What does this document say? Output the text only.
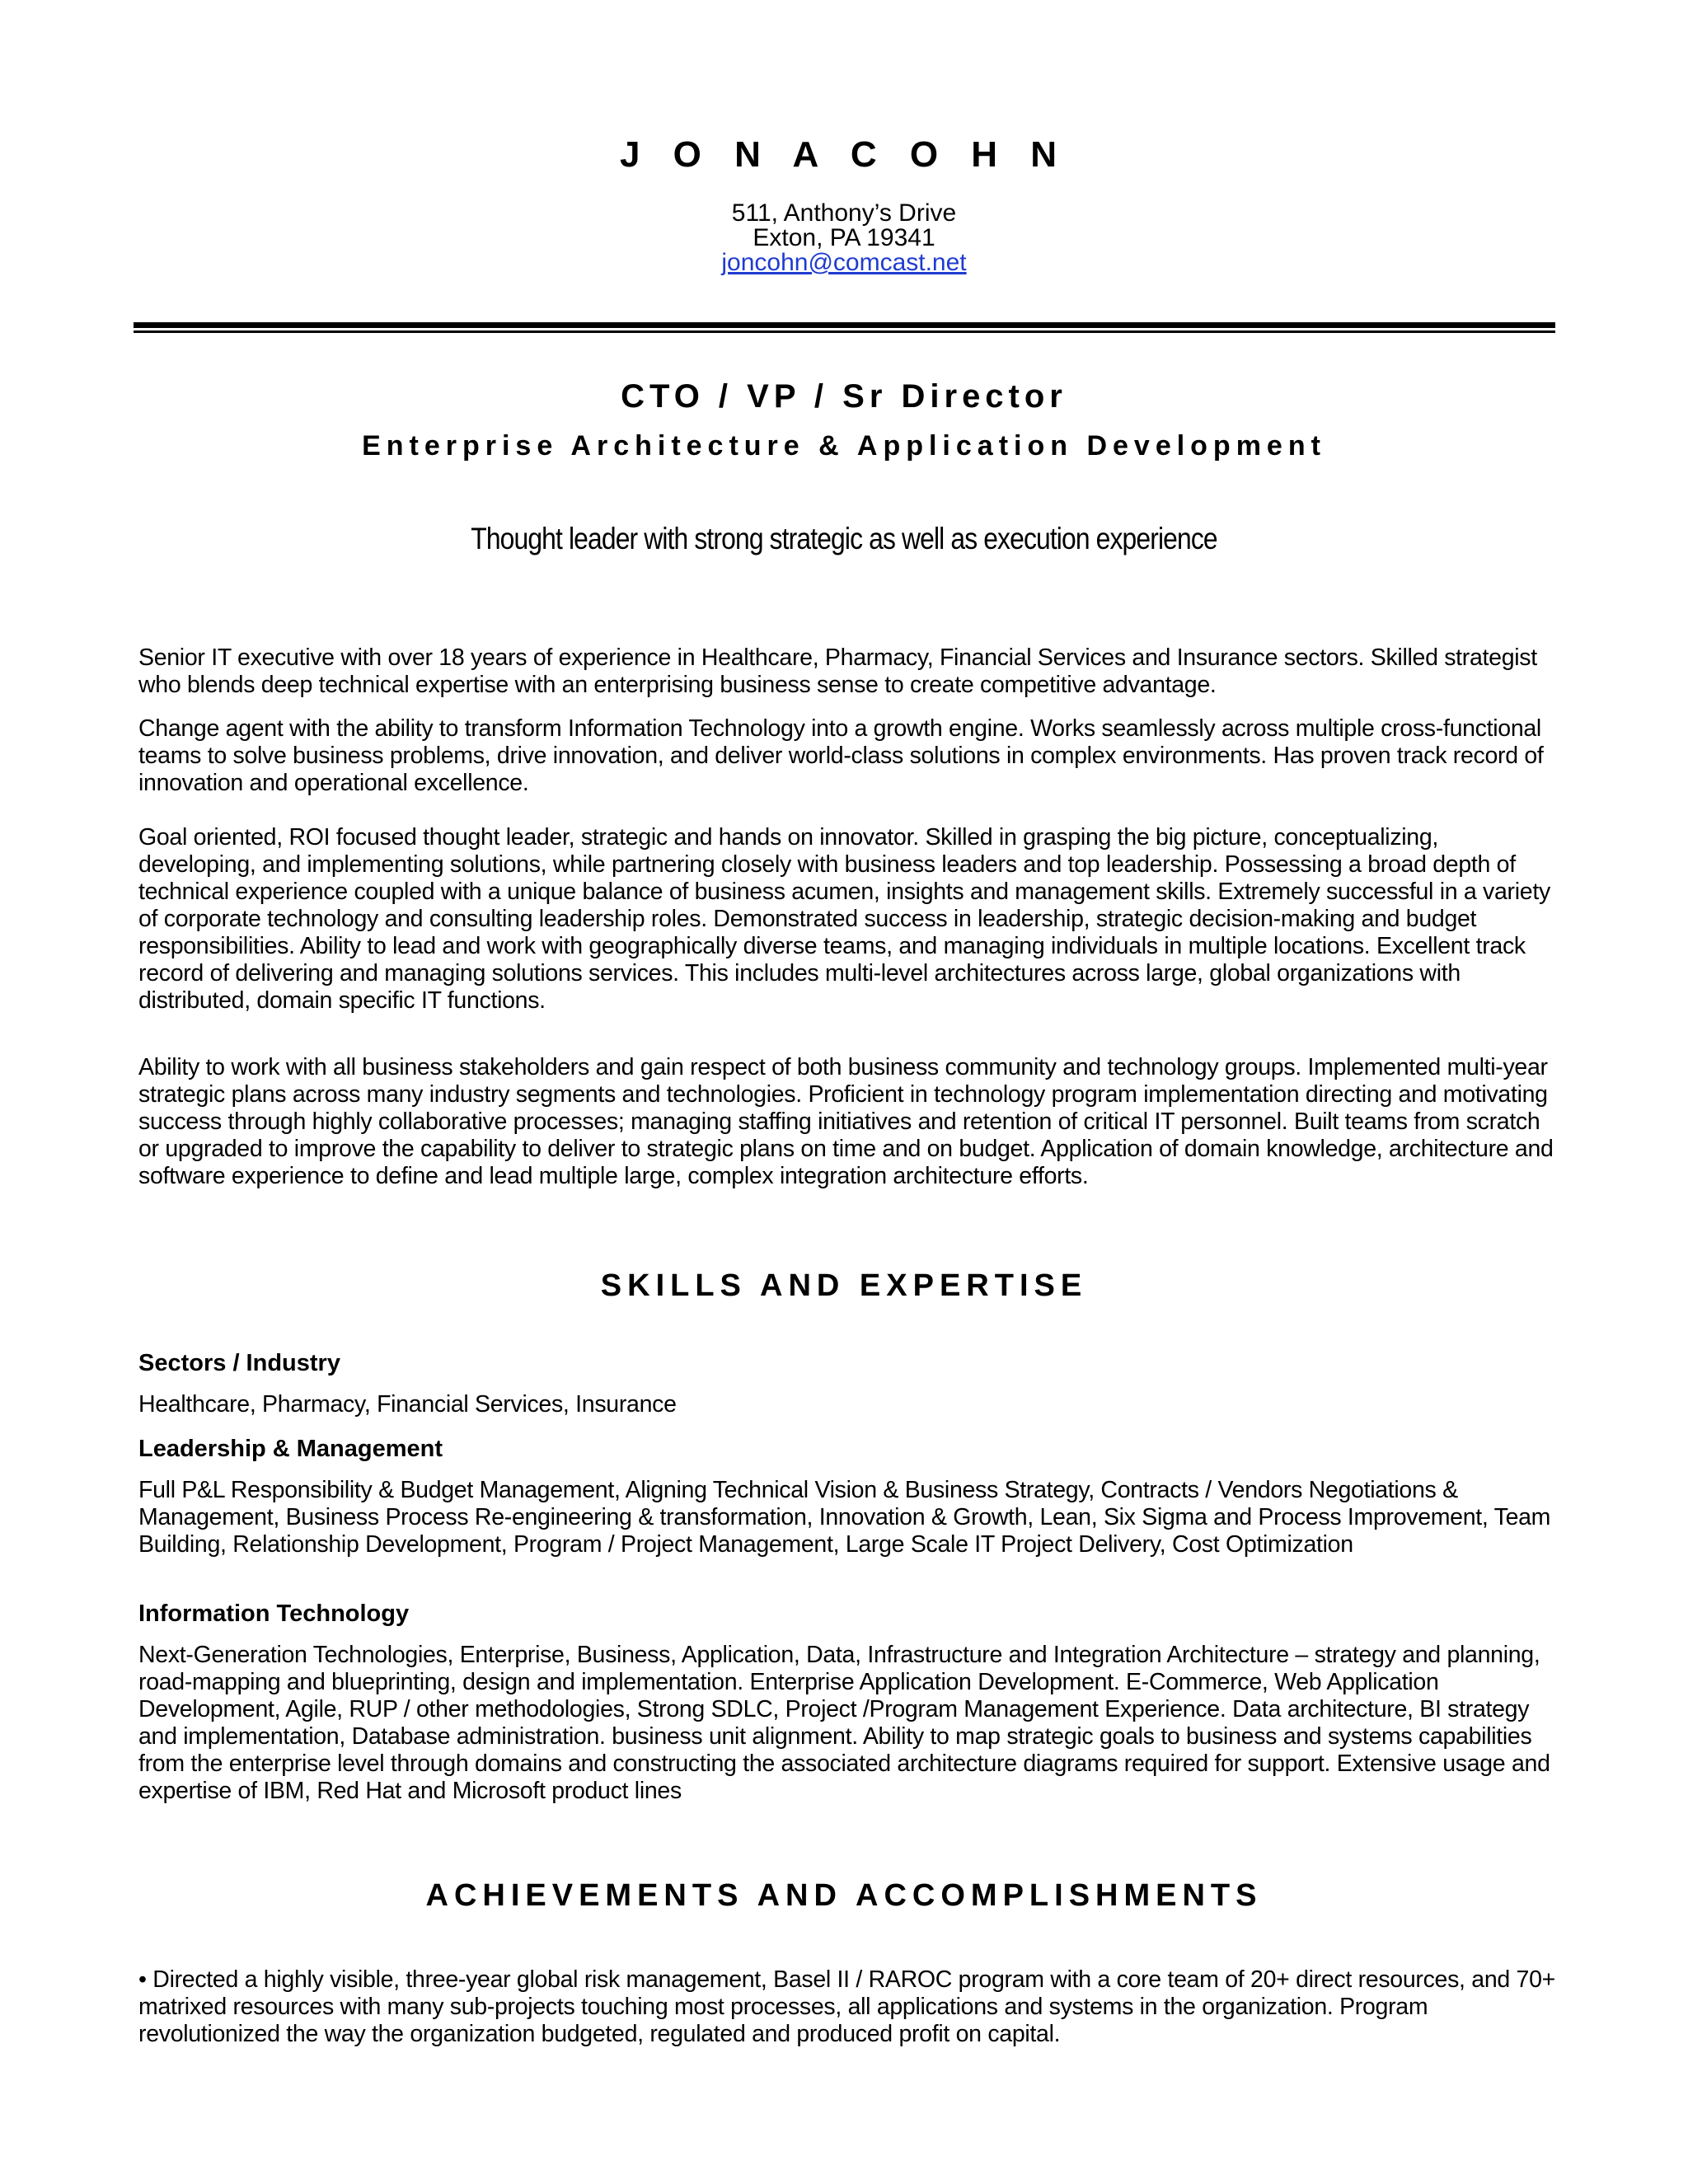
J O N A C O H N
511, Anthony’s Drive
Exton, PA 19341
joncohn@comcast.net
CTO / VP / Sr Director
Enterprise Architecture & Application Development
Thought leader with strong strategic as well as execution experience
Senior IT executive with over 18 years of experience in Healthcare, Pharmacy, Financial Services and Insurance sectors. Skilled strategist who blends deep technical expertise with an enterprising business sense to create competitive advantage.
Change agent with the ability to transform Information Technology into a growth engine. Works seamlessly across multiple cross-functional teams to solve business problems, drive innovation, and deliver world-class solutions in complex environments. Has proven track record of innovation and operational excellence.
Goal oriented, ROI focused thought leader, strategic and hands on innovator. Skilled in grasping the big picture, conceptualizing, developing, and implementing solutions, while partnering closely with business leaders and top leadership. Possessing a broad depth of technical experience coupled with a unique balance of business acumen, insights and management skills. Extremely successful in a variety of corporate technology and consulting leadership roles. Demonstrated success in leadership, strategic decision-making and budget responsibilities. Ability to lead and work with geographically diverse teams, and managing individuals in multiple locations. Excellent track record of delivering and managing solutions services. This includes multi-level architectures across large, global organizations with distributed, domain specific IT functions.
Ability to work with all business stakeholders and gain respect of both business community and technology groups. Implemented multi-year strategic plans across many industry segments and technologies. Proficient in technology program implementation directing and motivating success through highly collaborative processes; managing staffing initiatives and retention of critical IT personnel. Built teams from scratch or upgraded to improve the capability to deliver to strategic plans on time and on budget. Application of domain knowledge, architecture and software experience to define and lead multiple large, complex integration architecture efforts.
SKILLS AND EXPERTISE
Sectors / Industry
Healthcare, Pharmacy, Financial Services, Insurance
Leadership & Management
Full P&L Responsibility & Budget Management, Aligning Technical Vision & Business Strategy, Contracts / Vendors Negotiations & Management, Business Process Re-engineering & transformation, Innovation & Growth, Lean, Six Sigma and Process Improvement, Team Building, Relationship Development, Program / Project Management, Large Scale IT Project Delivery, Cost Optimization
Information Technology
Next-Generation Technologies, Enterprise, Business, Application, Data, Infrastructure and Integration Architecture – strategy and planning, road-mapping and blueprinting, design and implementation. Enterprise Application Development. E-Commerce, Web Application Development, Agile, RUP / other methodologies, Strong SDLC, Project /Program Management Experience. Data architecture, BI strategy and implementation, Database administration. business unit alignment. Ability to map strategic goals to business and systems capabilities from the enterprise level through domains and constructing the associated architecture diagrams required for support. Extensive usage and expertise of IBM, Red Hat and Microsoft product lines
ACHIEVEMENTS AND ACCOMPLISHMENTS
• Directed a highly visible, three-year global risk management, Basel II / RAROC program with a core team of 20+ direct resources, and 70+ matrixed resources with many sub-projects touching most processes, all applications and systems in the organization. Program revolutionized the way the organization budgeted, regulated and produced profit on capital.
